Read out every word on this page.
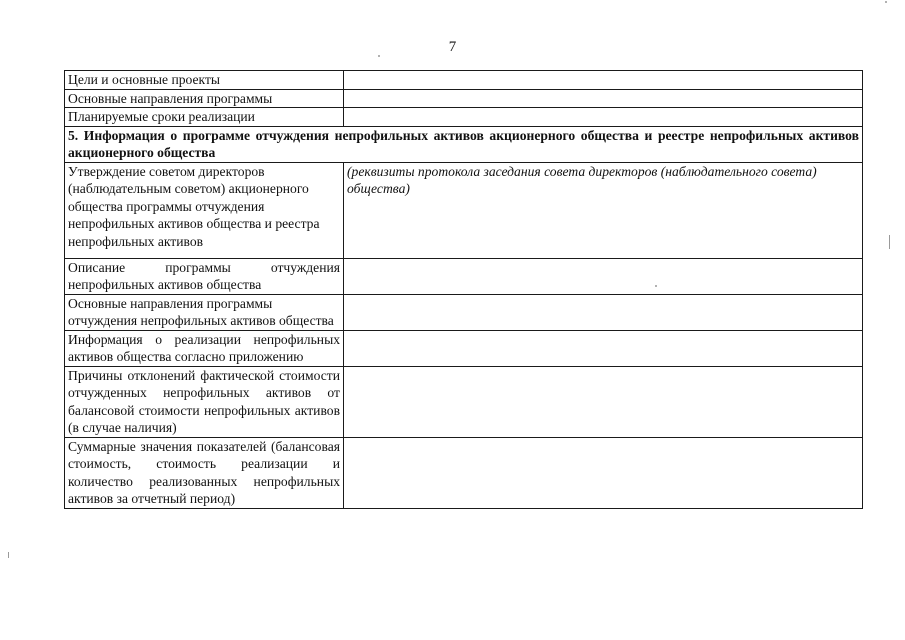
7
Цели и основные проекты	

Основные направления программы	

Планируемые сроки реализации	

5. Информация о программе отчуждения непрофильных активов акционерного общества и реестре непрофильных активов акционерного общества	

Утверждение советом директоров (наблюдательным советом) акционерного общества программы отчуждения непрофильных активов общества и реестра непрофильных активов	(реквизиты протокола заседания совета директоров (наблюдательного совета) общества)

Описание программы отчуждения непрофильных активов общества	

Основные направления программы отчуждения непрофильных активов общества	

Информация о реализации непрофильных активов общества согласно приложению	

Причины отклонений фактической стоимости отчужденных непрофильных активов от балансовой стоимости непрофильных активов (в случае наличия)	

Суммарные значения показателей (балансовая стоимость, стоимость реализации и количество реализованных непрофильных активов за отчетный период)	
